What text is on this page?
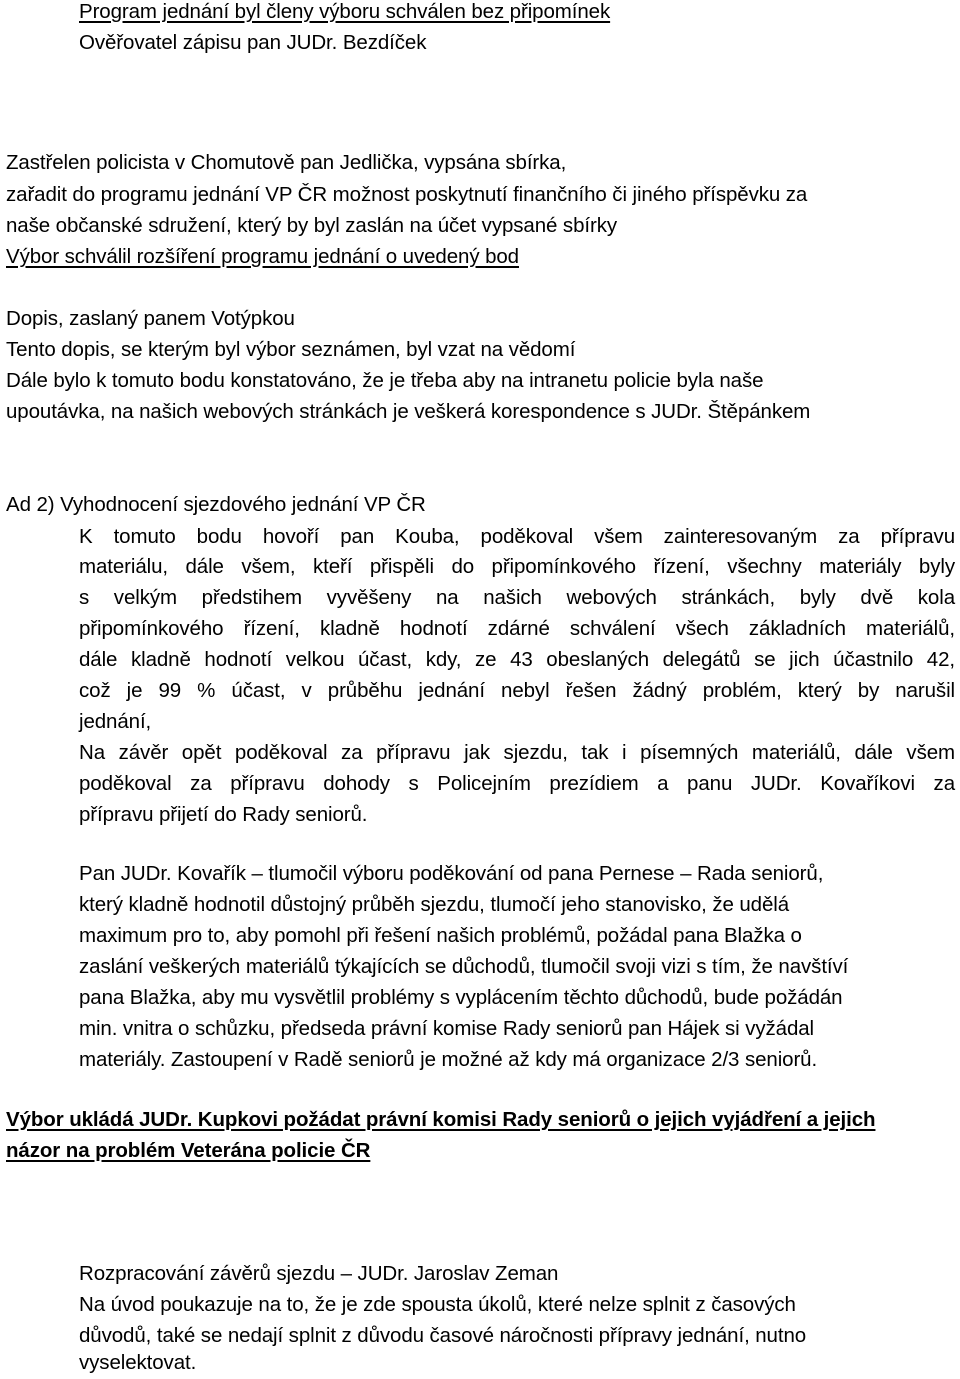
Program jednání byl členy výboru schválen bez připomínek

Ověřovatel zápisu pan JUDr. Bezdíček

Zastřelen policista v Chomutově pan Jedlička, vypsána sbírka,

zařadit do programu jednání VP ČR možnost poskytnutí finančního či jiného příspěvku za

naše občanské sdružení, který by byl zaslán na účet vypsané sbírky

Výbor schválil rozšíření programu jednání o uvedený bod

Dopis, zaslaný panem Votýpkou

Tento dopis, se kterým byl výbor seznámen, byl vzat na vědomí

Dále bylo k tomuto bodu konstatováno, že je třeba aby na intranetu policie byla naše

upoutávka, na našich webových stránkách je veškerá korespondence s JUDr. Štěpánkem

Ad 2) Vyhodnocení sjezdového jednání VP ČR

K tomuto bodu hovoří pan Kouba, poděkoval všem zainteresovaným za přípravu

materiálu, dále všem, kteří přispěli do připomínkového řízení, všechny materiály byly

s velkým předstihem vyvěšeny na našich webových stránkách, byly dvě kola

připomínkového řízení, kladně hodnotí zdárné schválení všech základních materiálů,

dále kladně hodnotí velkou účast, kdy, ze 43 obeslaných delegátů se jich účastnilo 42,

což je 99 % účast, v průběhu jednání nebyl řešen žádný problém, který by narušil

jednání,

Na závěr opět poděkoval za přípravu jak sjezdu, tak i písemných materiálů, dále všem

poděkoval za přípravu dohody s Policejním prezídiem a panu JUDr. Kovaříkovi za

přípravu přijetí do Rady seniorů.

Pan JUDr. Kovařík – tlumočil výboru poděkování od pana Pernese – Rada seniorů,

který kladně hodnotil důstojný průběh sjezdu, tlumočí jeho stanovisko, že udělá

maximum pro to, aby pomohl při řešení našich problémů, požádal pana Blažka o

zaslání veškerých materiálů týkajících se důchodů, tlumočil svoji vizi s tím, že navštíví

pana Blažka, aby mu vysvětlil problémy s vyplácením těchto důchodů, bude požádán

min. vnitra o schůzku, předseda právní komise Rady seniorů pan Hájek si vyžádal

materiály. Zastoupení v Radě seniorů je možné až kdy má organizace 2/3 seniorů.

Výbor ukládá JUDr. Kupkovi požádat právní komisi Rady seniorů o jejich vyjádření a jejich

názor na problém Veterána policie ČR

Rozpracování závěrů sjezdu – JUDr. Jaroslav Zeman

Na úvod poukazuje na to, že je zde spousta úkolů, které nelze splnit z časových

důvodů, také se nedají splnit z důvodu časové náročnosti přípravy jednání, nutno

vyselektovat.
